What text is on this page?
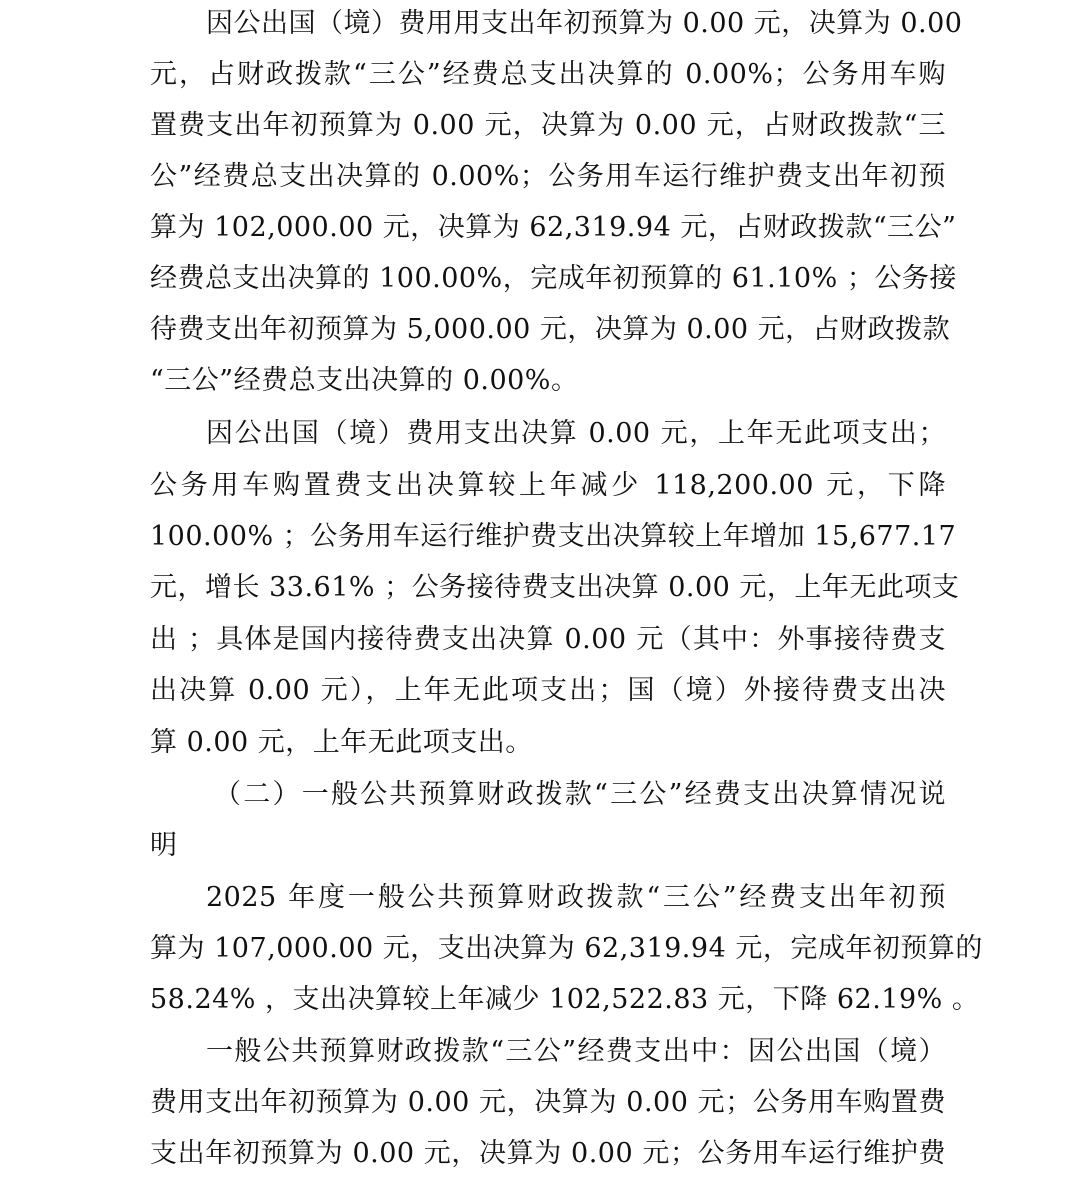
因公出国（境）费用用支出年初预算为 0.00 元，决算为 0.00
元，占财政拨款“三公”经费总支出决算的 0.00%；公务用车购
置费支出年初预算为 0.00 元，决算为 0.00 元，占财政拨款“三
公”经费总支出决算的 0.00%；公务用车运行维护费支出年初预
算为 102,000.00 元，决算为 62,319.94 元，占财政拨款“三公”
经费总支出决算的 100.00%，完成年初预算的 61.10% ；公务接
待费支出年初预算为 5,000.00 元，决算为 0.00 元，占财政拨款
“三公”经费总支出决算的 0.00%。
因公出国（境）费用支出决算 0.00 元，上年无此项支出；
公务用车购置费支出决算较上年减少 118,200.00 元，下降
100.00% ；公务用车运行维护费支出决算较上年增加 15,677.17
元，增长 33.61% ；公务接待费支出决算 0.00 元，上年无此项支
出 ；具体是国内接待费支出决算 0.00 元（其中：外事接待费支
出决算 0.00 元），上年无此项支出；国（境）外接待费支出决
算 0.00 元，上年无此项支出。
（二）一般公共预算财政拨款“三公”经费支出决算情况说
明
2025 年度一般公共预算财政拨款“三公”经费支出年初预
算为 107,000.00 元，支出决算为 62,319.94 元，完成年初预算的
58.24% ，支出决算较上年减少 102,522.83 元，下降 62.19% 。
一般公共预算财政拨款“三公”经费支出中：因公出国（境）
费用支出年初预算为 0.00 元，决算为 0.00 元；公务用车购置费
支出年初预算为 0.00 元，决算为 0.00 元；公务用车运行维护费
